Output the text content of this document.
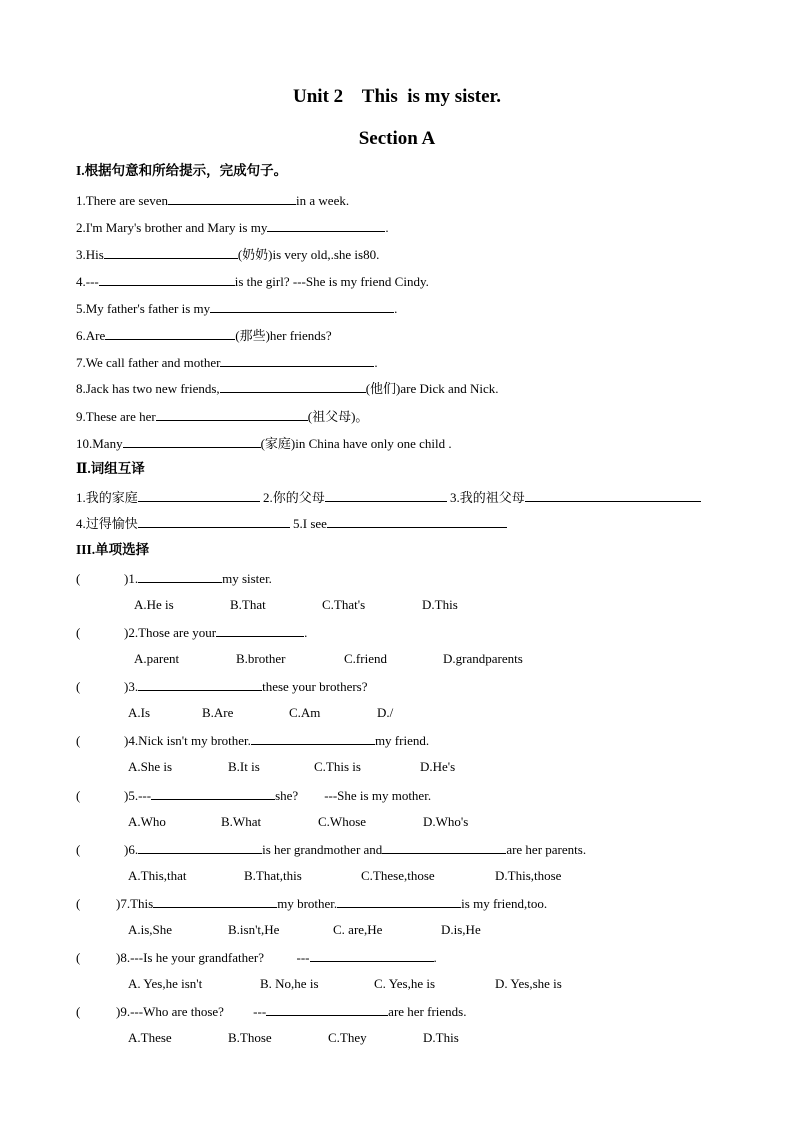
Unit 2    This  is my sister.
Section A
I.根据句意和所给提示，完成句子。
1.There are seven	in a week.
2.I'm Mary's brother and Mary is my	.
3.His	(奶奶)is very old,.she is80.
4.---	is the girl? ---She is my friend Cindy.
5.My father's father is my	.
6.Are	(那些)her friends?
7.We call father and mother	.
8.Jack has two new friends,	(他们)are Dick and Nick.
9.These are her	(祖父母)。
10.Many	(家庭)in China have only one child .
Ⅱ.词组互译
1.我的家庭	2.你的父母	3.我的祖父母
4.过得愉快	5.I see
III.单项选择
(	)1.	my sister.
A.He is	B.That	C.That's	D.This
(	)2.Those are your	.
A.parent	B.brother	C.friend	D.grandparents
(	)3.	these your brothers?
A.Is	B.Are	C.Am	D./
(	)4.Nick isn't my brother.	my friend.
A.She is	B.It is	C.This is	D.He's
(	)5.---	she?        ---She is my mother.
A.Who	B.What	C.Whose	D.Who's
(	)6.	is her grandmother and	are her parents.
A.This,that	B.That,this	C.These,those	D.This,those
(	)7.This	my brother.	is my friend,too.
A.is,She	B.isn't,He	C. are,He	D.is,He
(	)8.---Is he your grandfather?          ---	.
A. Yes,he isn't	B. No,he is	C. Yes,he is	D. Yes,she is
(	)9.---Who are those?         ---	are her friends.
A.These	B.Those	C.They	D.This
